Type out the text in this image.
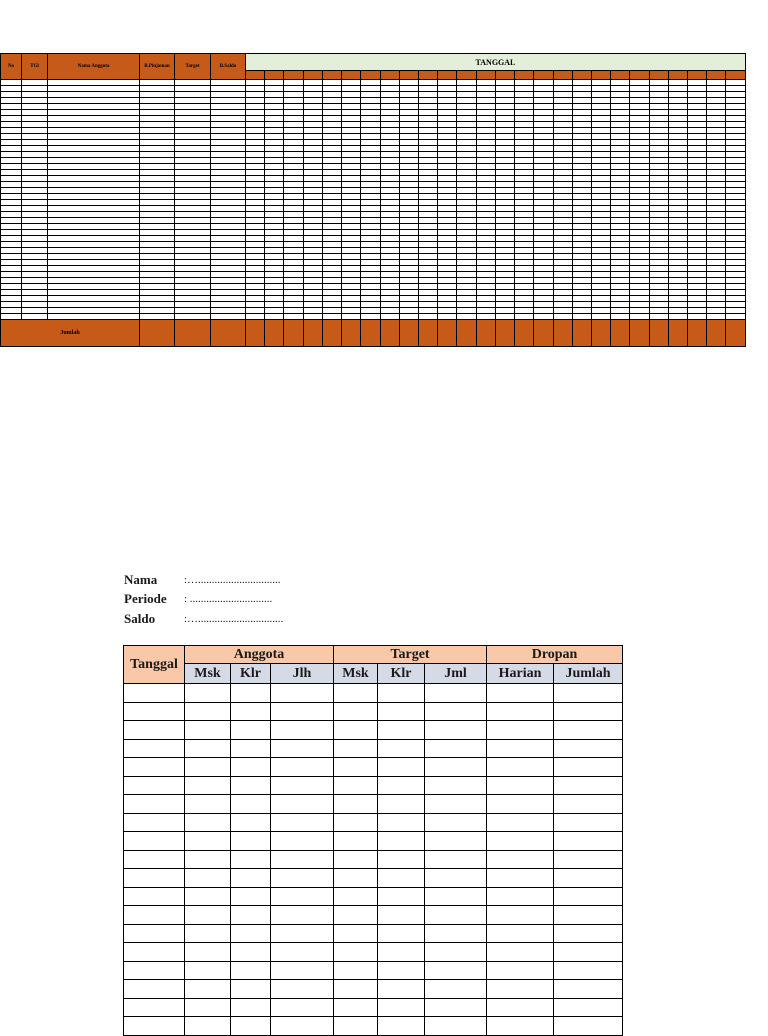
No	TGl	Nama Anggota	B.Pinjaman	Target	B.Saldo	TANGGAL																									

Jumlah																															
Nama	:…..............................
Periode	: ..............................
Saldo	:…...............................
Tanggal	Anggota			Target			Dropan	
	Msk	Klr	Jlh	Msk	Klr	Jml	Harian	Jumlah
